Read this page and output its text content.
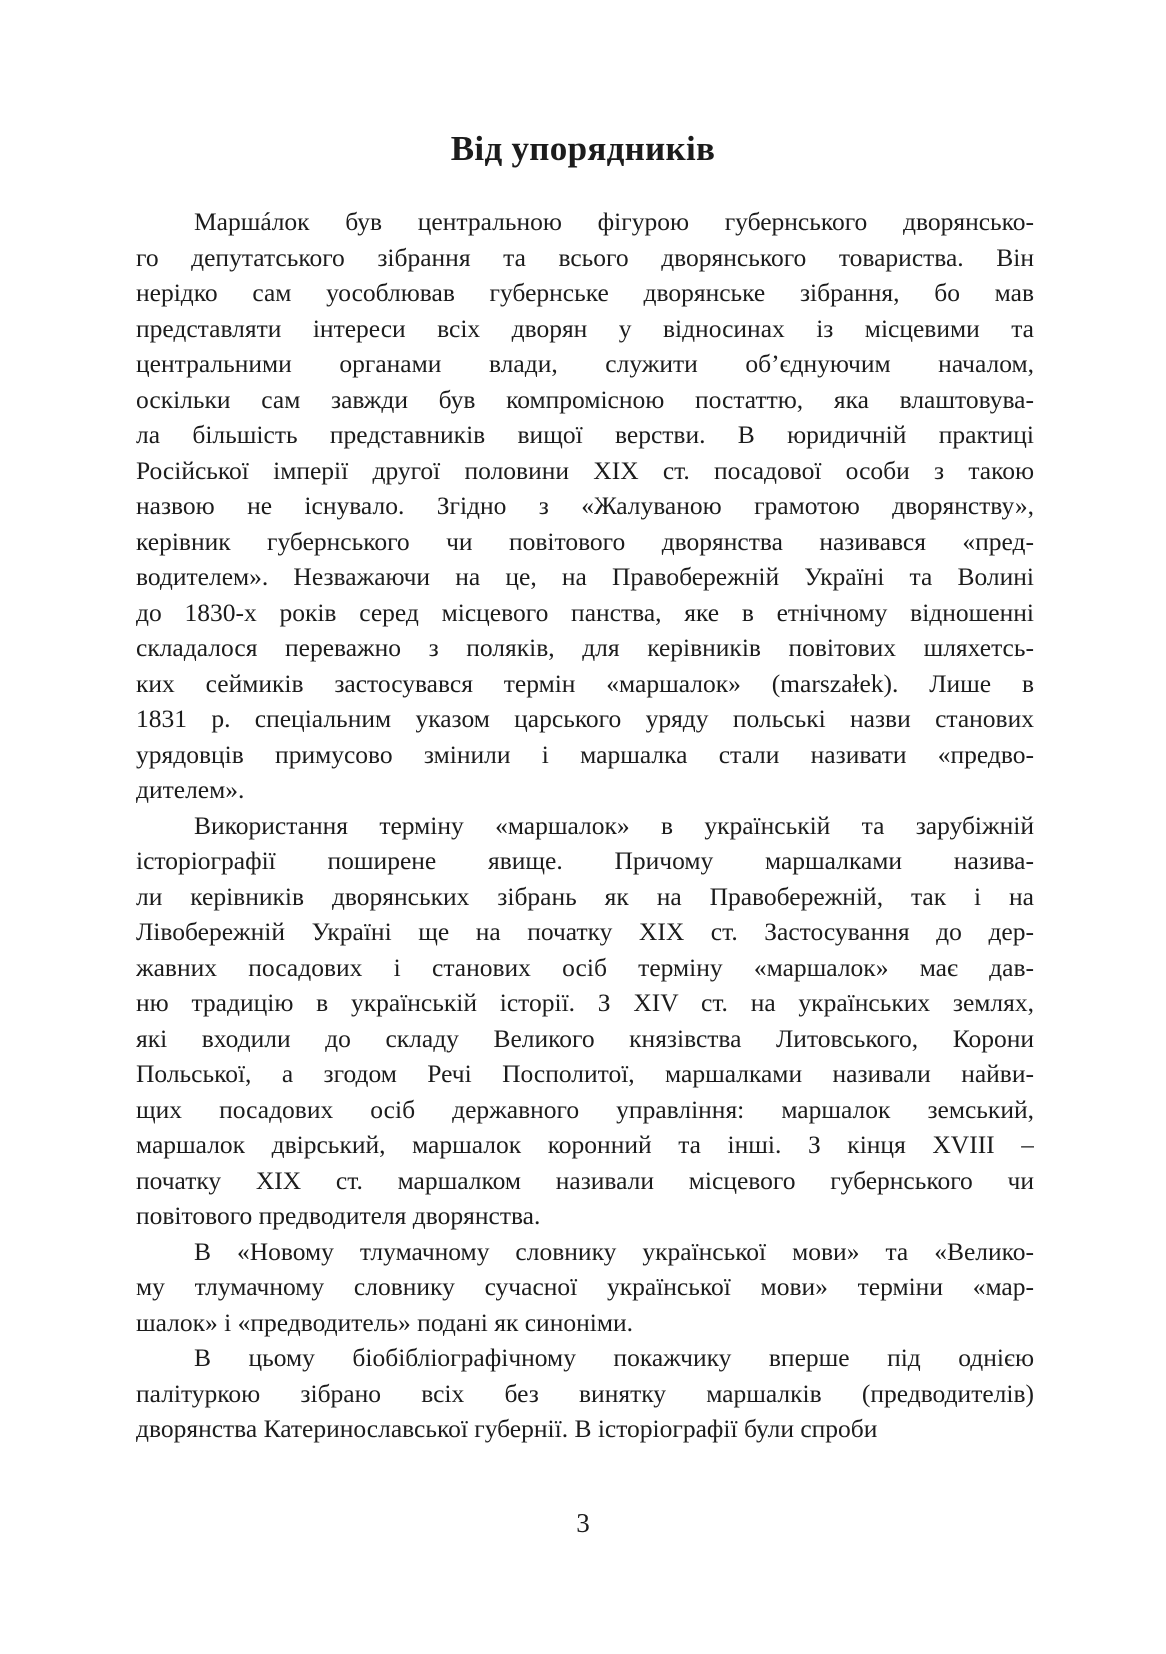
Від упорядників
Маршáлок був центральною фігурою губернського дворянсько-
го депутатського зібрання та всього дворянського товариства. Він
нерідко сам уособлював губернське дворянське зібрання, бо мав
представляти інтереси всіх дворян у відносинах із місцевими та
центральними органами влади, служити об’єднуючим началом,
оскільки сам завжди був компромісною постаттю, яка влаштовува-
ла більшість представників вищої верстви. В юридичній практиці
Російської імперії другої половини ХІХ ст. посадової особи з такою
назвою не існувало. Згідно з «Жалуваною грамотою дворянству»,
керівник губернського чи повітового дворянства називався «пред-
водителем». Незважаючи на це, на Правобережній Україні та Волині
до 1830-х років серед місцевого панства, яке в етнічному відношенні
складалося переважно з поляків, для керівників повітових шляхетсь-
ких сеймиків застосувався термін «маршалок» (marszałek). Лише в
1831 р. спеціальним указом царського уряду польські назви станових
урядовців примусово змінили і маршалка стали називати «предво-
дителем».
Використання терміну «маршалок» в українській та зарубіжній
історіографії поширене явище. Причому маршалками назива-
ли керівників дворянських зібрань як на Правобережній, так і на
Лівобережній Україні ще на початку ХІХ ст. Застосування до дер-
жавних посадових і станових осіб терміну «маршалок» має дав-
ню традицію в українській історії. З XIV ст. на українських землях,
які входили до складу Великого князівства Литовського, Корони
Польської, а згодом Речі Посполитої, маршалками називали найви-
щих посадових осіб державного управління: маршалок земський,
маршалок двірський, маршалок коронний та інші. З кінця XVIII –
початку ХІХ ст. маршалком називали місцевого губернського чи
повітового предводителя дворянства.
В «Новому тлумачному словнику української мови» та «Велико-
му тлумачному словнику сучасної української мови» терміни «мар-
шалок» і «предводитель» подані як синоніми.
В цьому біобібліографічному покажчику вперше під однією
палітуркою зібрано всіх без винятку маршалків (предводителів)
дворянства Катеринославської губернії. В історіографії були спроби
3
